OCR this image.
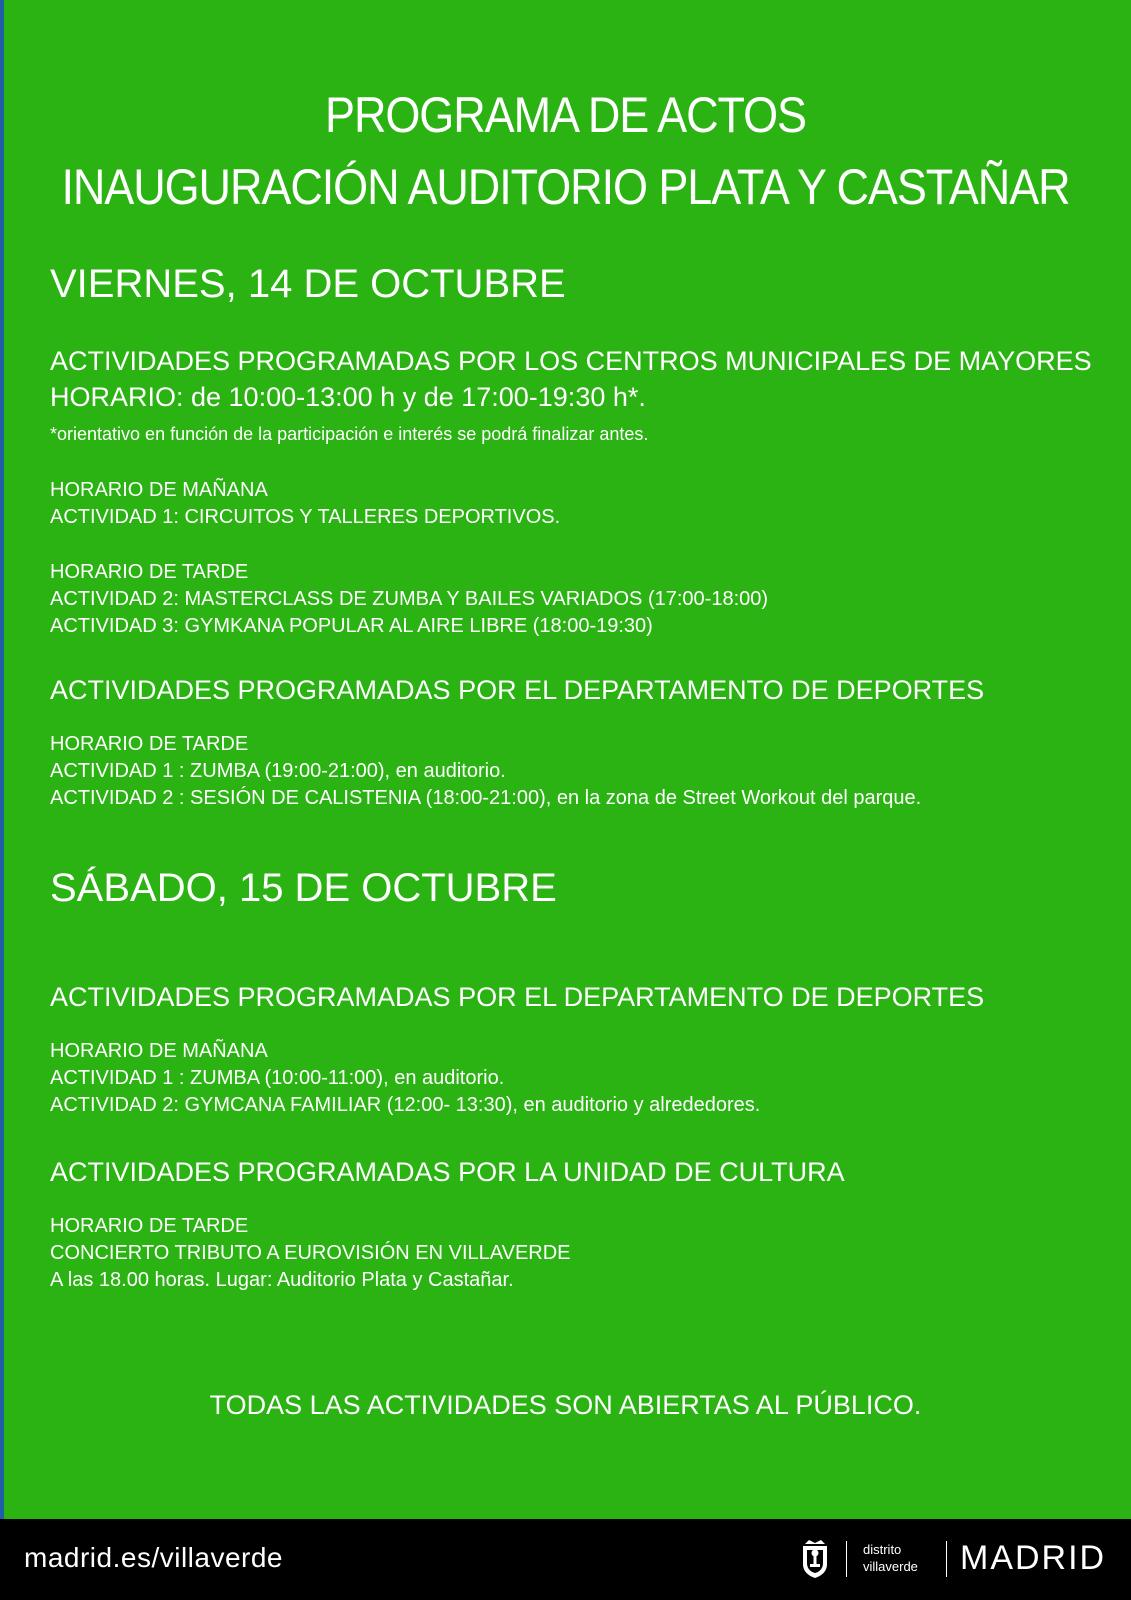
PROGRAMA DE ACTOS
INAUGURACIÓN AUDITORIO PLATA Y CASTAÑAR
VIERNES, 14 DE OCTUBRE
ACTIVIDADES PROGRAMADAS POR LOS CENTROS MUNICIPALES DE MAYORES
HORARIO: de 10:00-13:00 h y de 17:00-19:30 h*.
*orientativo en función de la participación e interés se podrá finalizar antes.
HORARIO DE MAÑANA
ACTIVIDAD 1: CIRCUITOS Y TALLERES DEPORTIVOS.
HORARIO DE TARDE
ACTIVIDAD 2: MASTERCLASS DE ZUMBA Y BAILES VARIADOS (17:00-18:00)
ACTIVIDAD 3: GYMKANA POPULAR AL AIRE LIBRE (18:00-19:30)
ACTIVIDADES PROGRAMADAS POR EL DEPARTAMENTO DE DEPORTES
HORARIO DE TARDE
ACTIVIDAD 1 : ZUMBA (19:00-21:00), en auditorio.
ACTIVIDAD 2 : SESIÓN DE CALISTENIA (18:00-21:00), en la zona de Street Workout del parque.
SÁBADO, 15 DE OCTUBRE
ACTIVIDADES PROGRAMADAS POR EL DEPARTAMENTO DE DEPORTES
HORARIO DE MAÑANA
ACTIVIDAD 1 : ZUMBA (10:00-11:00), en auditorio.
ACTIVIDAD 2: GYMCANA FAMILIAR (12:00- 13:30), en auditorio y alrededores.
ACTIVIDADES PROGRAMADAS POR LA UNIDAD DE CULTURA
HORARIO DE TARDE
CONCIERTO TRIBUTO A EUROVISIÓN EN VILLAVERDE
A las 18.00 horas. Lugar: Auditorio Plata y Castañar.
TODAS LAS ACTIVIDADES SON ABIERTAS AL PÚBLICO.
madrid.es/villaverde	distrito
villaverde MADRID
